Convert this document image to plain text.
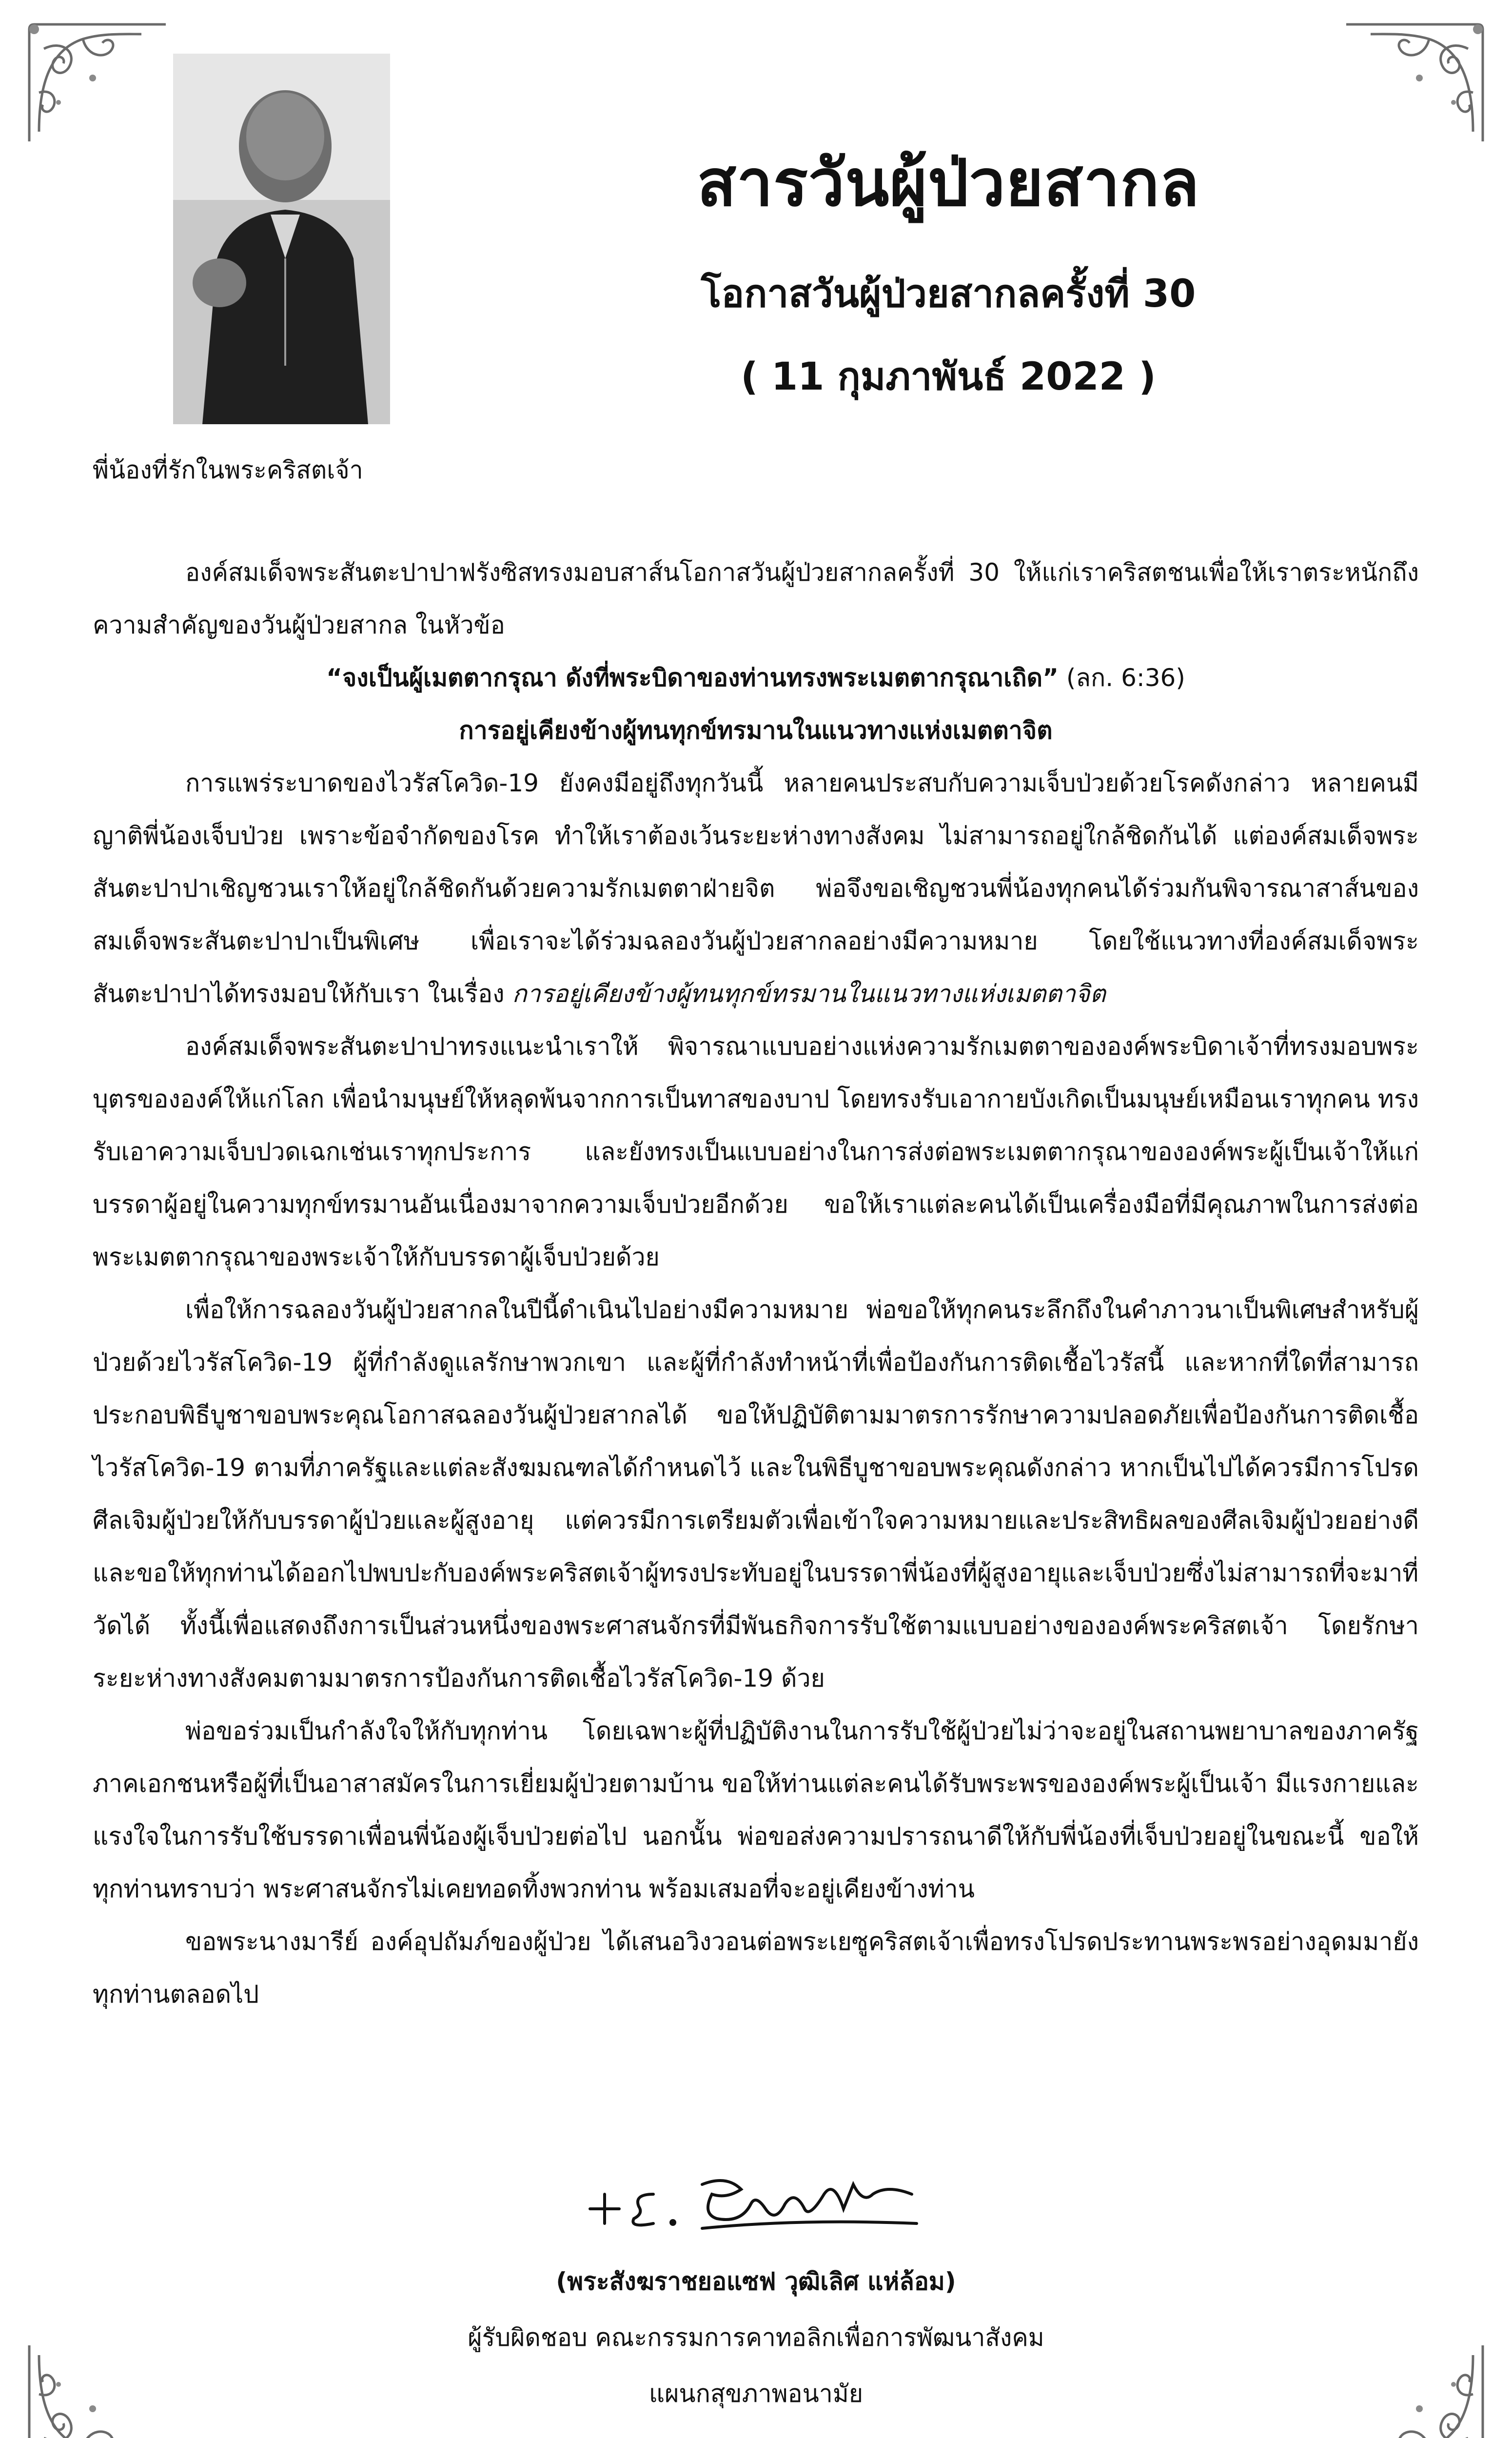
สารวันผู้ป่วยสากล
โอกาสวันผู้ป่วยสากลครั้งที่ 30
( 11 กุมภาพันธ์ 2022 )
พี่น้องที่รักในพระคริสตเจ้า

องค์สมเด็จพระสันตะปาปาฟรังซิสทรงมอบสาส์นโอกาสวันผู้ป่วยสากลครั้งที่ 30 ให้แก่เราคริสตชนเพื่อให้เราตระหนักถึงความสำคัญของวันผู้ป่วยสากล ในหัวข้อ

“จงเป็นผู้เมตตากรุณา ดังที่พระบิดาของท่านทรงพระเมตตากรุณาเถิด” (ลก. 6:36)

การอยู่เคียงข้างผู้ทนทุกข์ทรมานในแนวทางแห่งเมตตาจิต

การแพร่ระบาดของไวรัสโควิด-19 ยังคงมีอยู่ถึงทุกวันนี้ หลายคนประสบกับความเจ็บป่วยด้วยโรคดังกล่าว หลายคนมีญาติพี่น้องเจ็บป่วย เพราะข้อจำกัดของโรค ทำให้เราต้องเว้นระยะห่างทางสังคม ไม่สามารถอยู่ใกล้ชิดกันได้ แต่องค์สมเด็จพระสันตะปาปาเชิญชวนเราให้อยู่ใกล้ชิดกันด้วยความรักเมตตาฝ่ายจิต พ่อจึงขอเชิญชวนพี่น้องทุกคนได้ร่วมกันพิจารณาสาส์นของสมเด็จพระสันตะปาปาเป็นพิเศษ เพื่อเราจะได้ร่วมฉลองวันผู้ป่วยสากลอย่างมีความหมาย โดยใช้แนวทางที่องค์สมเด็จพระสันตะปาปาได้ทรงมอบให้กับเรา ในเรื่อง การอยู่เคียงข้างผู้ทนทุกข์ทรมานในแนวทางแห่งเมตตาจิต

องค์สมเด็จพระสันตะปาปาทรงแนะนำเราให้ พิจารณาแบบอย่างแห่งความรักเมตตาขององค์พระบิดาเจ้าที่ทรงมอบพระบุตรขององค์ให้แก่โลก เพื่อนำมนุษย์ให้หลุดพ้นจากการเป็นทาสของบาป โดยทรงรับเอากายบังเกิดเป็นมนุษย์เหมือนเราทุกคน ทรงรับเอาความเจ็บปวดเฉกเช่นเราทุกประการ และยังทรงเป็นแบบอย่างในการส่งต่อพระเมตตากรุณาขององค์พระผู้เป็นเจ้าให้แก่บรรดาผู้อยู่ในความทุกข์ทรมานอันเนื่องมาจากความเจ็บป่วยอีกด้วย ขอให้เราแต่ละคนได้เป็นเครื่องมือที่มีคุณภาพในการส่งต่อพระเมตตากรุณาของพระเจ้าให้กับบรรดาผู้เจ็บป่วยด้วย

เพื่อให้การฉลองวันผู้ป่วยสากลในปีนี้ดำเนินไปอย่างมีความหมาย พ่อขอให้ทุกคนระลึกถึงในคำภาวนาเป็นพิเศษสำหรับผู้ป่วยด้วยไวรัสโควิด-19 ผู้ที่กำลังดูแลรักษาพวกเขา และผู้ที่กำลังทำหน้าที่เพื่อป้องกันการติดเชื้อไวรัสนี้ และหากที่ใดที่สามารถประกอบพิธีบูชาขอบพระคุณโอกาสฉลองวันผู้ป่วยสากลได้ ขอให้ปฏิบัติตามมาตรการรักษาความปลอดภัยเพื่อป้องกันการติดเชื้อไวรัสโควิด-19 ตามที่ภาครัฐและแต่ละสังฆมณฑลได้กำหนดไว้ และในพิธีบูชาขอบพระคุณดังกล่าว หากเป็นไปได้ควรมีการโปรดศีลเจิมผู้ป่วยให้กับบรรดาผู้ป่วยและผู้สูงอายุ แต่ควรมีการเตรียมตัวเพื่อเข้าใจความหมายและประสิทธิผลของศีลเจิมผู้ป่วยอย่างดี และขอให้ทุกท่านได้ออกไปพบปะกับองค์พระคริสตเจ้าผู้ทรงประทับอยู่ในบรรดาพี่น้องที่ผู้สูงอายุและเจ็บป่วยซึ่งไม่สามารถที่จะมาที่วัดได้ ทั้งนี้เพื่อแสดงถึงการเป็นส่วนหนึ่งของพระศาสนจักรที่มีพันธกิจการรับใช้ตามแบบอย่างขององค์พระคริสตเจ้า โดยรักษาระยะห่างทางสังคมตามมาตรการป้องกันการติดเชื้อไวรัสโควิด-19 ด้วย

พ่อขอร่วมเป็นกำลังใจให้กับทุกท่าน โดยเฉพาะผู้ที่ปฏิบัติงานในการรับใช้ผู้ป่วยไม่ว่าจะอยู่ในสถานพยาบาลของภาครัฐภาคเอกชนหรือผู้ที่เป็นอาสาสมัครในการเยี่ยมผู้ป่วยตามบ้าน ขอให้ท่านแต่ละคนได้รับพระพรขององค์พระผู้เป็นเจ้า มีแรงกายและแรงใจในการรับใช้บรรดาเพื่อนพี่น้องผู้เจ็บป่วยต่อไป นอกนั้น พ่อขอส่งความปรารถนาดีให้กับพี่น้องที่เจ็บป่วยอยู่ในขณะนี้ ขอให้ทุกท่านทราบว่า พระศาสนจักรไม่เคยทอดทิ้งพวกท่าน พร้อมเสมอที่จะอยู่เคียงข้างท่าน

ขอพระนางมารีย์ องค์อุปถัมภ์ของผู้ป่วย ได้เสนอวิงวอนต่อพระเยซูคริสตเจ้าเพื่อทรงโปรดประทานพระพรอย่างอุดมมายังทุกท่านตลอดไป

(พระสังฆราชยอแซฟ วุฒิเลิศ แห่ล้อม)
ผู้รับผิดชอบ คณะกรรมการคาทอลิกเพื่อการพัฒนาสังคม
แผนกสุขภาพอนามัย
